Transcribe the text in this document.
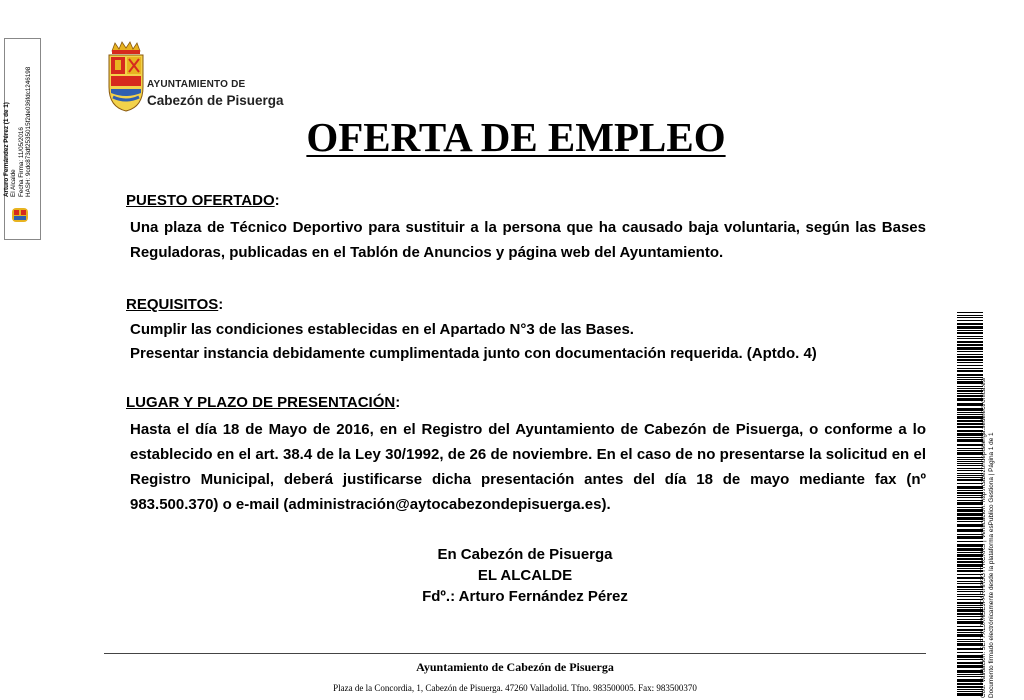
Arturo Fernández Pérez (1 de 1) El Alcalde Fecha Firma: 11/05/2016 HASH: 9cdc873df2535015f2de036fdc1246198	AYUNTAMIENTO DE
Cabezón de Pisuerga
OFERTA DE EMPLEO
PUESTO OFERTADO:
Una plaza de Técnico Deportivo para sustituir a la persona que ha causado baja voluntaria, según las Bases Reguladoras, publicadas en el Tablón de Anuncios y página web del Ayuntamiento.
REQUISITOS:
Cumplir las condiciones establecidas en el Apartado N°3 de las Bases.
Presentar instancia debidamente cumplimentada junto con documentación requerida. (Aptdo. 4)
LUGAR Y PLAZO DE PRESENTACIÓN:
Hasta el día 18 de Mayo de 2016, en el Registro del Ayuntamiento de Cabezón de Pisuerga, o conforme a lo establecido en el art. 38.4 de la Ley 30/1992, de 26 de noviembre. En el caso de no presentarse la solicitud en el Registro Municipal, deberá justificarse dicha presentación antes del día 18 de mayo mediante fax (nº 983.500.370) o e-mail (administración@aytocabezondepisuerga.es).
En Cabezón de Pisuerga
EL ALCALDE
Fdº.: Arturo Fernández Pérez
Ayuntamiento de Cabezón de Pisuerga
Plaza de la Concordia, 1, Cabezón de Pisuerga. 47260 Valladolid. Tfno. 983500005. Fax: 983500370	Cód. Validación: 5EF7XLJXNSEJPARHR3GT7KCXKS | Verificación: http://cabezondepisuerga.sedelectronica.es/ Documento firmado electrónicamente desde la plataforma esPublico Gestiona | Página 1 de 1
